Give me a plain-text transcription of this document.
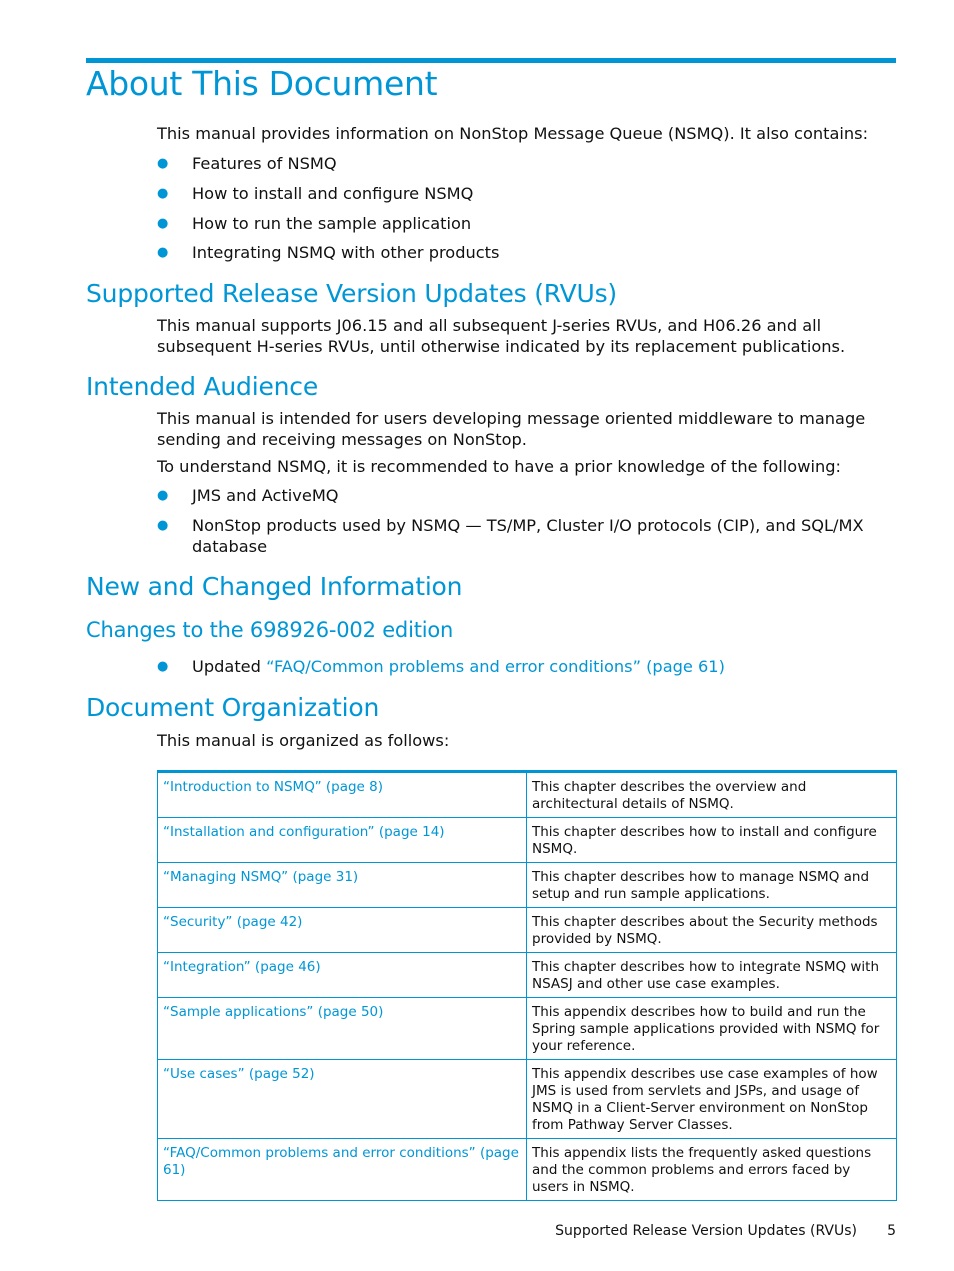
About This Document

This manual provides information on NonStop Message Queue (NSMQ). It also contains:

● Features of NSMQ
● How to install and configure NSMQ
● How to run the sample application
● Integrating NSMQ with other products
Supported Release Version Updates (RVUs)

This manual supports J06.15 and all subsequent J-series RVUs, and H06.26 and all subsequent H-series RVUs, until otherwise indicated by its replacement publications.

Intended Audience

This manual is intended for users developing message oriented middleware to manage sending and receiving messages on NonStop.

To understand NSMQ, it is recommended to have a prior knowledge of the following:

● JMS and ActiveMQ
● NonStop products used by NSMQ — TS/MP, Cluster I/O protocols (CIP), and SQL/MX database
New and Changed Information
Changes to the 698926-002 edition
● Updated “FAQ/Common problems and error conditions” (page 61)
Document Organization

This manual is organized as follows:

“Introduction to NSMQ” (page 8)	This chapter describes the overview and architectural details of NSMQ.
“Installation and configuration” (page 14)	This chapter describes how to install and configure NSMQ.
“Managing NSMQ” (page 31)	This chapter describes how to manage NSMQ and setup and run sample applications.
“Security” (page 42)	This chapter describes about the Security methods provided by NSMQ.
“Integration” (page 46)	This chapter describes how to integrate NSMQ with NSASJ and other use case examples.
“Sample applications” (page 50)	This appendix describes how to build and run the Spring sample applications provided with NSMQ for your reference.
“Use cases” (page 52)	This appendix describes use case examples of how JMS is used from servlets and JSPs, and usage of NSMQ in a Client-Server environment on NonStop from Pathway Server Classes.
“FAQ/Common problems and error conditions” (page 61)	This appendix lists the frequently asked questions and the common problems and errors faced by users in NSMQ.
Supported Release Version Updates (RVUs) 5
